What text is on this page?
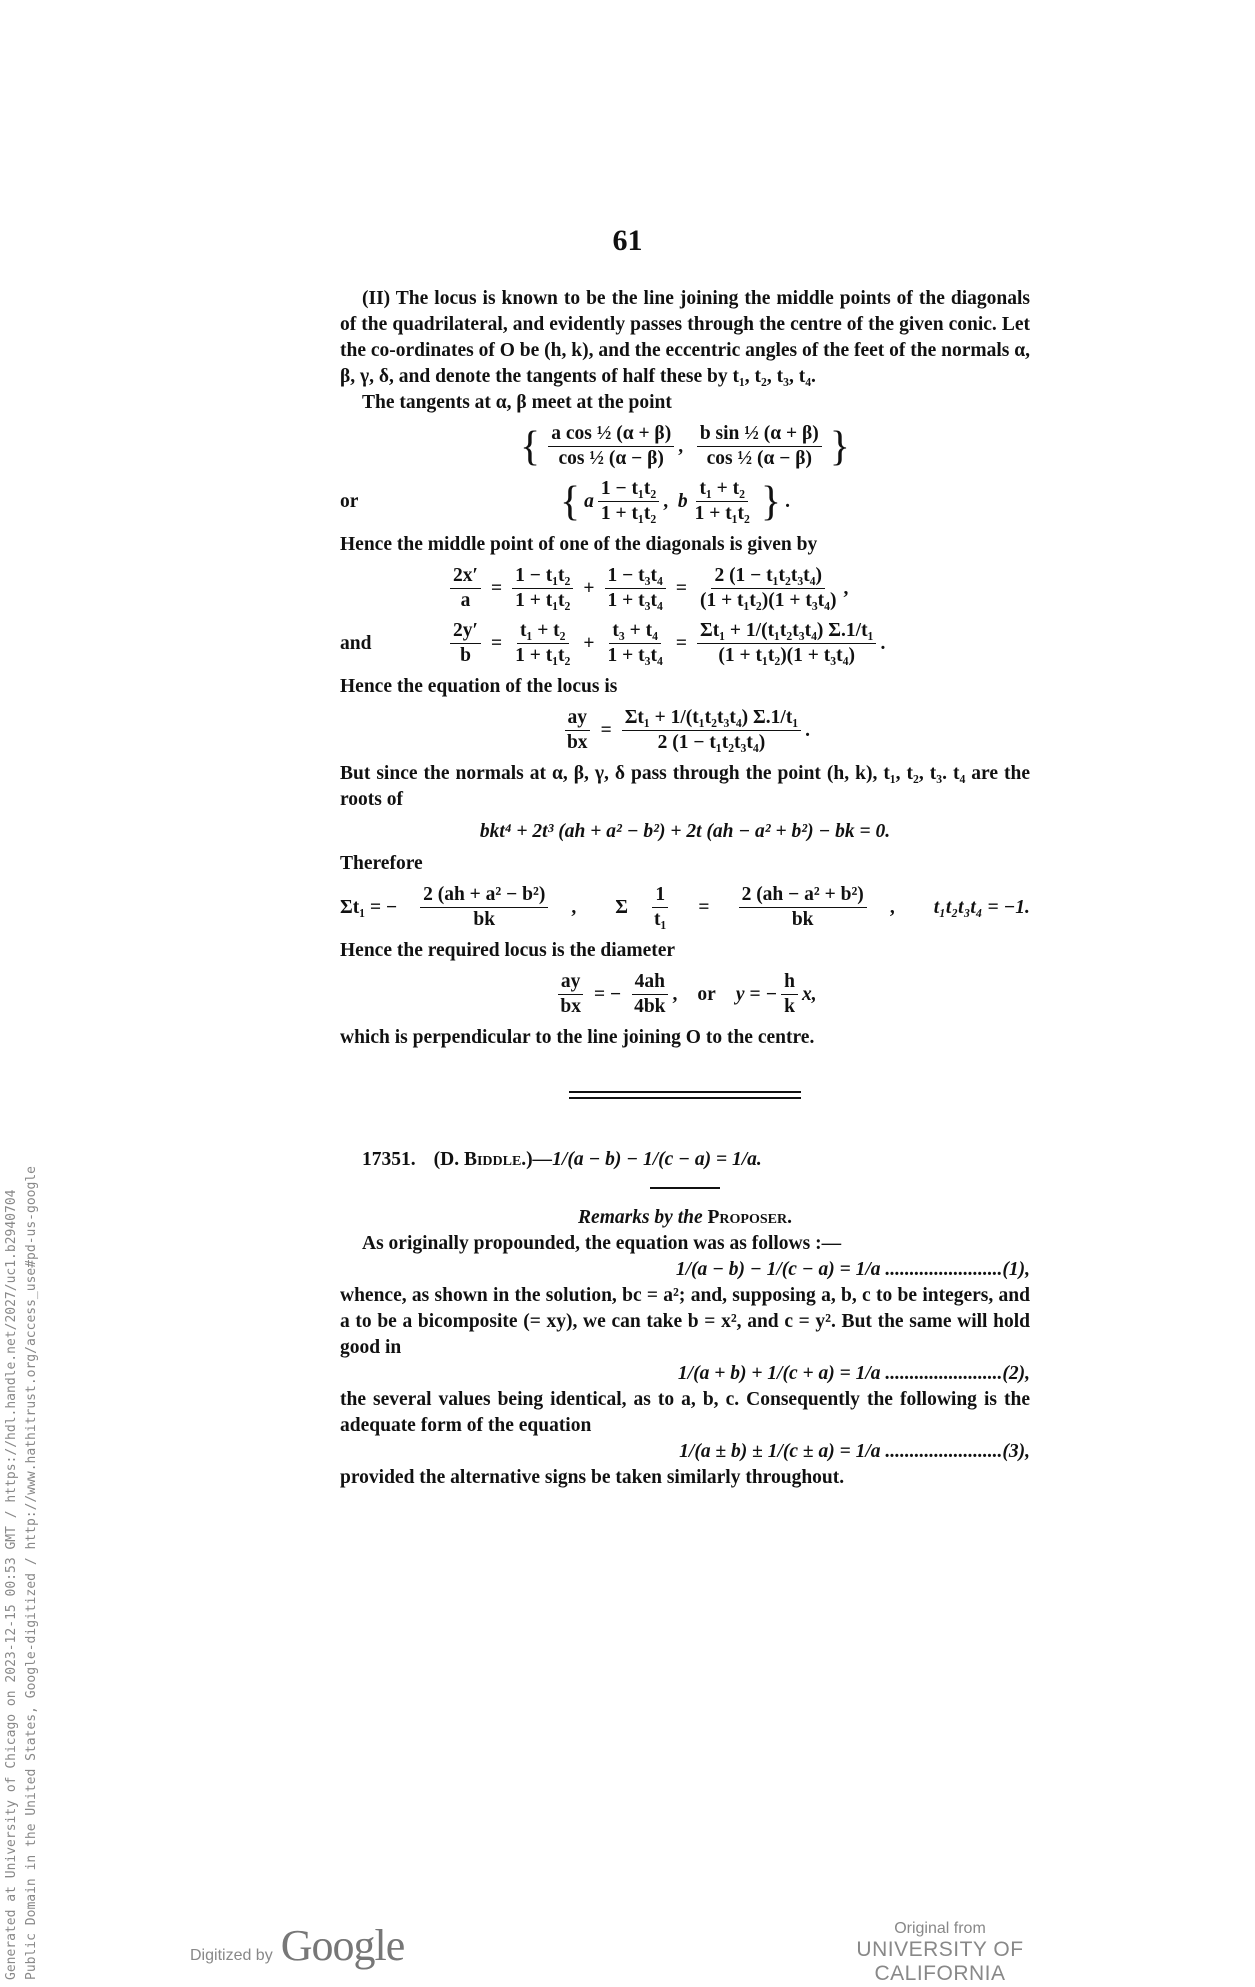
61

(II) The locus is known to be the line joining the middle points of the diagonals of the quadrilateral, and evidently passes through the centre of the given conic. Let the co-ordinates of O be (h, k), and the eccentric angles of the feet of the normals α, β, γ, δ, and denote the tangents of half these by t₁, t₂, t₃, t₄.

The tangents at α, β meet at the point

{ $\frac{\text{a cos ½ (α + β)}}{\text{cos ½ (α − β)}}$ , $\frac{\text{b sin ½ (α + β)}}{\text{cos ½ (α − β)}}$ }
or	{ a $\frac{\text{1 − t₁t₂}}{\text{1 + t₁t₂}}$ , b $\frac{\text{t₁ + t₂}}{\text{1 + t₁t₂}}$ } .

Hence the middle point of one of the diagonals is given by

$\frac{2x'}{a} = \frac{\text{1 − t₁t₂}}{\text{1 + t₁t₂}} + \frac{\text{1 − t₃t₄}}{\text{1 + t₃t₄}} = \frac{\text{2 (1 − t₁t₂t₃t₄)}}{\text{(1 + t₁t₂)(1 + t₃t₄)}}$ ,
and	$\frac{2y'}{b} = \frac{\text{t₁ + t₂}}{\text{1 + t₁t₂}} + \frac{\text{t₃ + t₄}}{\text{1 + t₃t₄}} = \frac{\text{Σt₁ + 1/(t₁t₂t₃t₄) Σ.1/t₁}}{\text{(1 + t₁t₂)(1 + t₃t₄)}}$ .

Hence the equation of the locus is

$\frac{ay}{bx} = \frac{\text{Σt₁ + 1/(t₁t₂t₃t₄) Σ.1/t₁}}{\text{2 (1 − t₁t₂t₃t₄)}}$ .

But since the normals at α, β, γ, δ pass through the point (h, k), t₁, t₂, t₃. t₄ are the roots of

bkt⁴ + 2t³ (ah + a² − b²) + 2t (ah − a² + b²) − bk = 0.

Therefore

Σt₁ = − $\frac{\text{2 (ah + a² − b²)}}{bk}$ , Σ $\frac{1}{\text{t₁}} = \frac{\text{2 (ah − a² + b²)}}{bk}$ , t₁t₂t₃t₄ = −1.

Hence the required locus is the diameter

$\frac{ay}{bx}$ = − $\frac{4ah}{4bk}$ , or y = − $\frac{h}{k} x$,

which is perpendicular to the line joining O to the centre.

17351. (D. Biddle.) —1/(a − b) − 1/(c − a) = 1/a.
Remarks by the Proposer.

As originally propounded, the equation was as follows :—

1/(a − b) − 1/(c − a) = 1/a ........................(1),

whence, as shown in the solution, bc = a²; and, supposing a, b, c to be integers, and a to be a bicomposite (= xy), we can take b = x², and c = y². But the same will hold good in

1/(a + b) + 1/(c + a) = 1/a ........................(2),

the several values being identical, as to a, b, c. Consequently the following is the adequate form of the equation

1/(a ± b) ± 1/(c ± a) = 1/a ........................(3),

provided the alternative signs be taken similarly throughout.

Generated at University of Chicago on 2023-12-15 00:53 GMT / https://hdl.handle.net/2027/uc1.b2940704 Public Domain in the United States, Google-digitized / http://www.hathitrust.org/access_use#pd-us-google	Digitized by Google	Original from
UNIVERSITY OF CALIFORNIA
